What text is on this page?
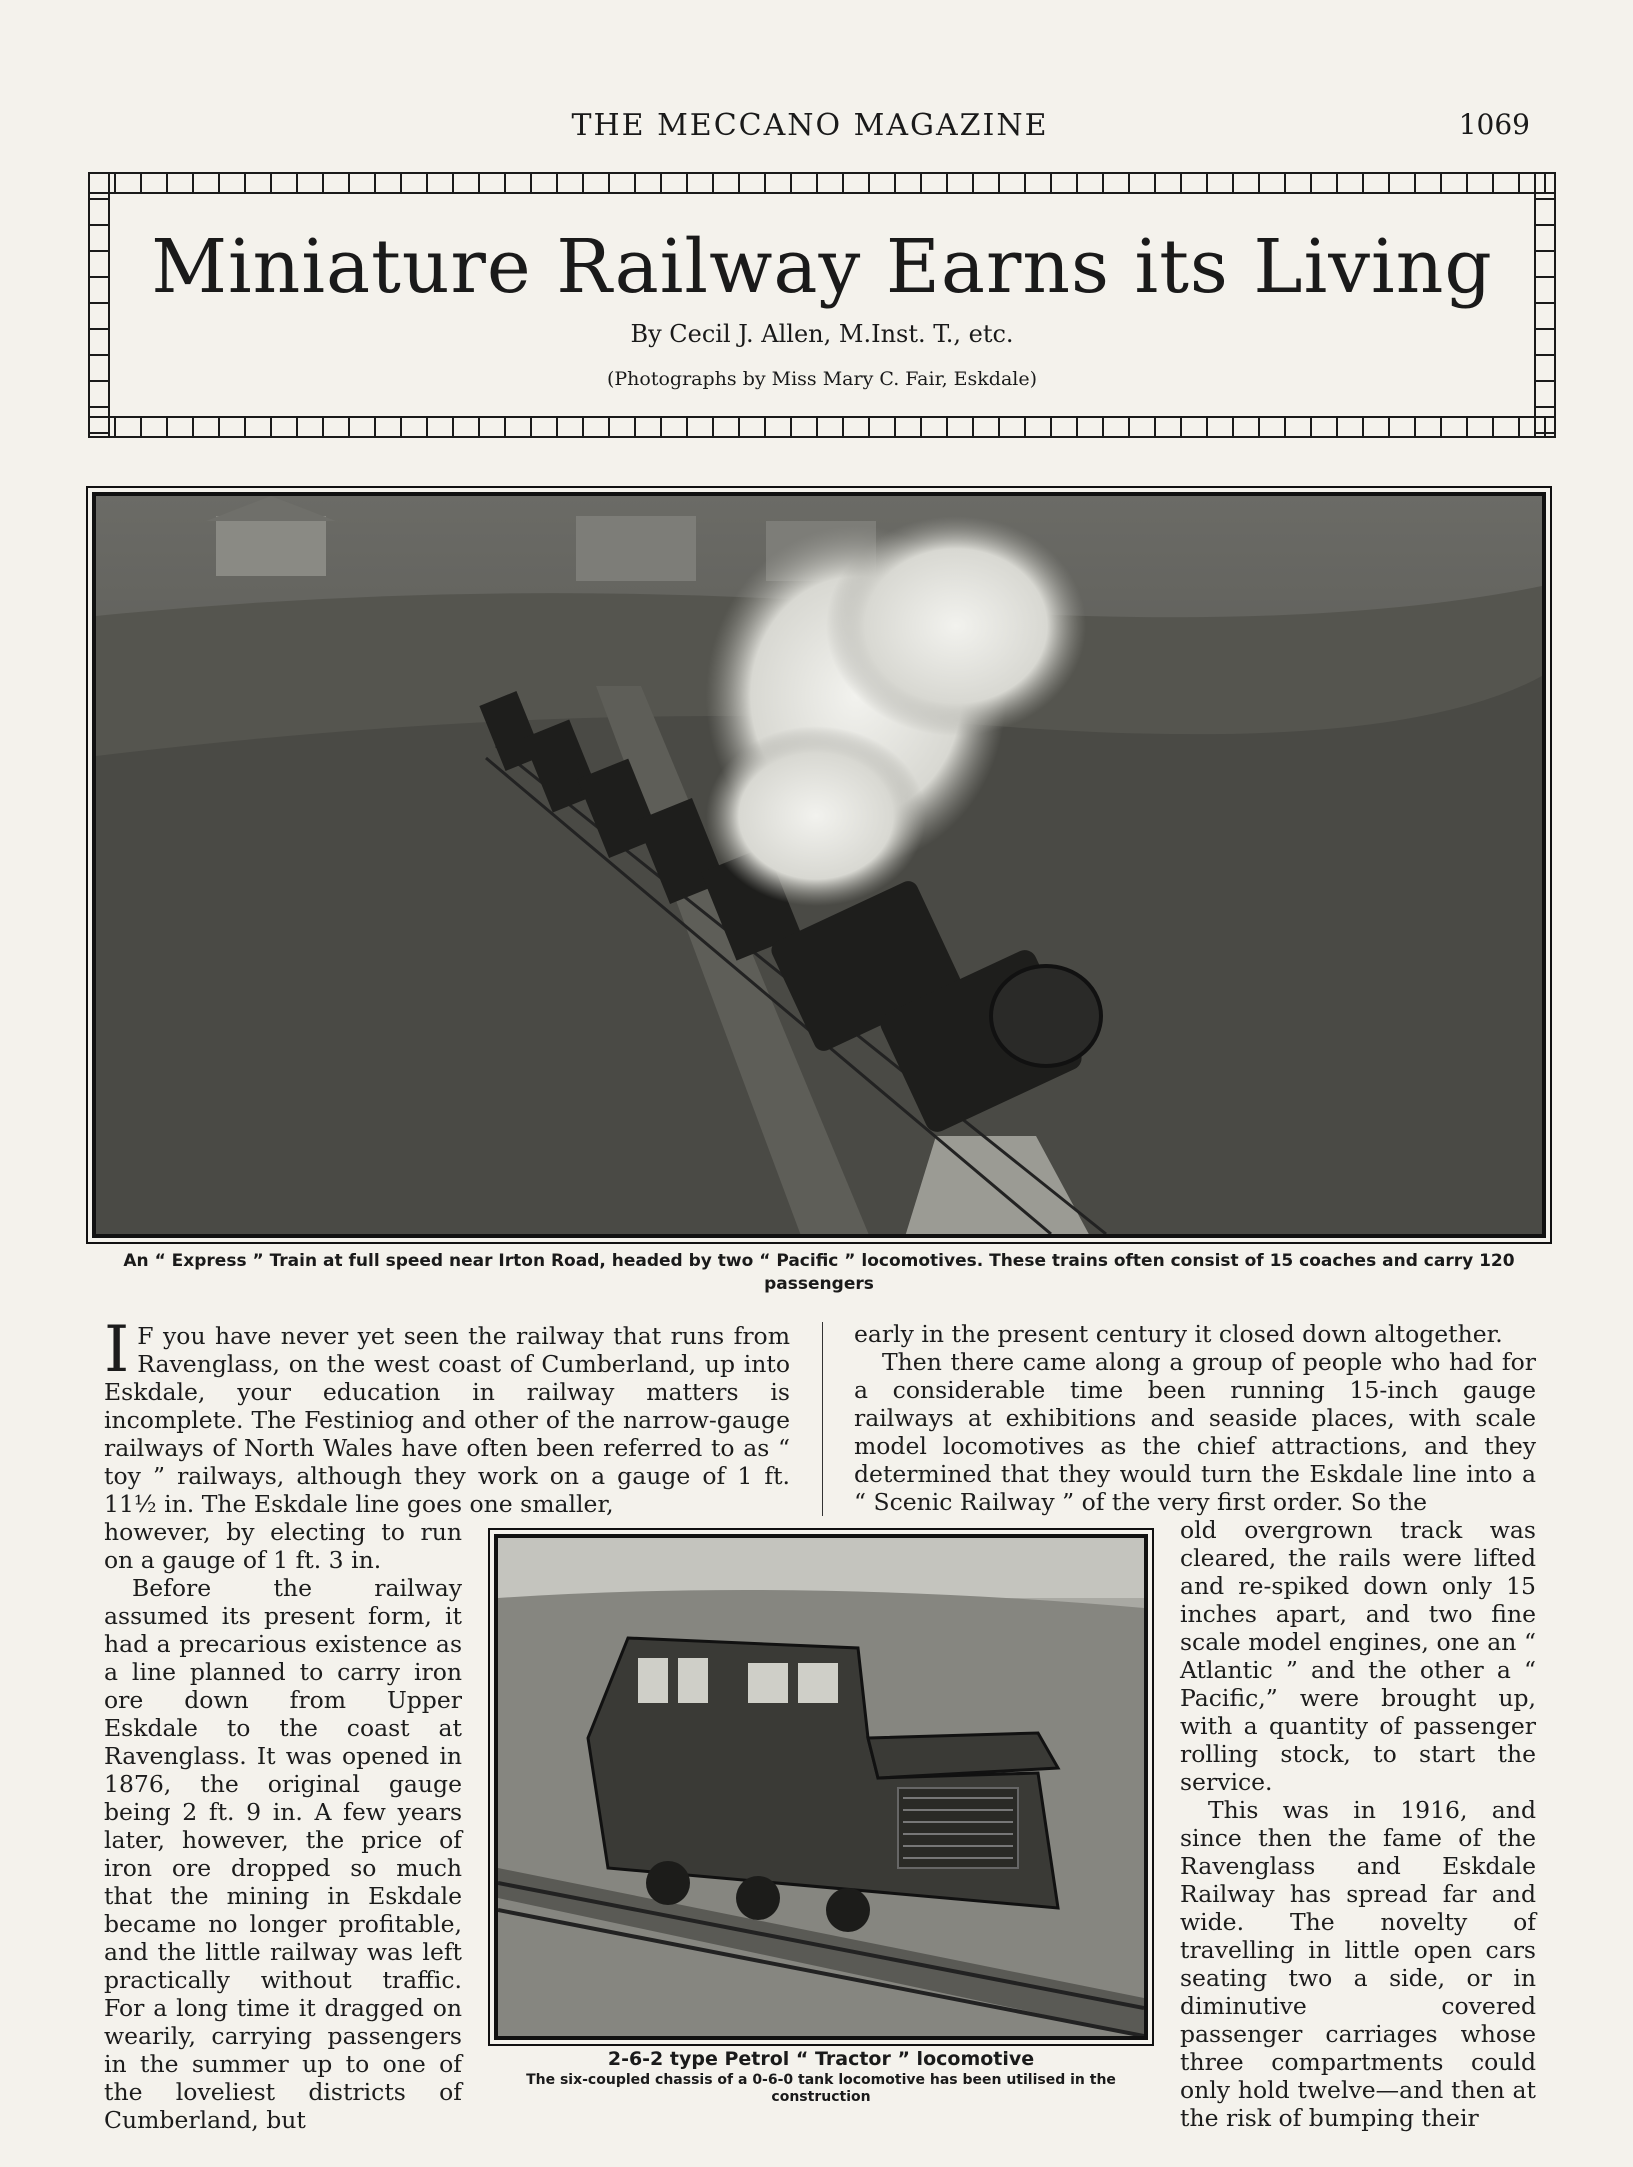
THE MECCANO MAGAZINE	1069
Miniature Railway Earns its Living
By Cecil J. Allen, M.Inst. T., etc.
(Photographs by Miss Mary C. Fair, Eskdale)
An “ Express ” Train at full speed near Irton Road, headed by two “ Pacific ” locomotives. These trains often consist of 15 coaches and carry 120 passengers

I F you have never yet seen the railway that runs from Ravenglass, on the west coast of Cumberland, up into Eskdale, your education in railway matters is incomplete. The Festiniog and other of the narrow-gauge railways of North Wales have often been referred to as “ toy ” railways, although they work on a gauge of 1 ft. 11½ in. The Eskdale line goes one smaller,

however, by electing to run on a gauge of 1 ft. 3 in.

Before the railway assumed its present form, it had a precarious existence as a line planned to carry iron ore down from Upper Eskdale to the coast at Ravenglass. It was opened in 1876, the original gauge being 2 ft. 9 in. A few years later, however, the price of iron ore dropped so much that the mining in Eskdale became no longer profitable, and the little railway was left practically without traffic. For a long time it dragged on wearily, carrying passengers in the summer up to one of the loveliest districts of Cumberland, but

early in the present century it closed down altogether.

Then there came along a group of people who had for a considerable time been running 15-inch gauge railways at exhibitions and seaside places, with scale model locomotives as the chief attractions, and they determined that they would turn the Eskdale line into a “ Scenic Railway ” of the very first order. So the

old overgrown track was cleared, the rails were lifted and re-spiked down only 15 inches apart, and two fine scale model engines, one an “ Atlantic ” and the other a “ Pacific,” were brought up, with a quantity of passenger rolling stock, to start the service.

This was in 1916, and since then the fame of the Ravenglass and Eskdale Railway has spread far and wide. The novelty of travelling in little open cars seating two a side, or in diminutive covered passenger carriages whose three compartments could only hold twelve—and then at the risk of bumping their

2-6-2 type Petrol “ Tractor ” locomotive
The six-coupled chassis of a 0-6-0 tank locomotive has been utilised in the construction
